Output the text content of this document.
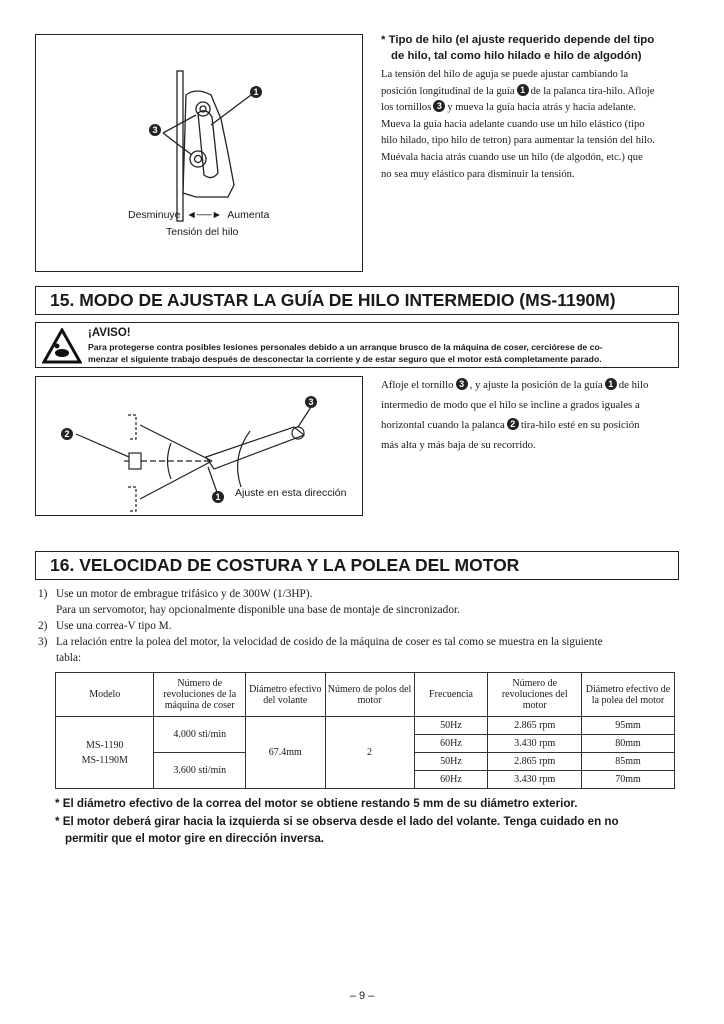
3
1
Desminuye  ◄──►  Aumenta
Tensión del hilo
* Tipo de hilo (el ajuste requerido depende del tipo
de hilo, tal como hilo hilado e hilo de algodón)
La tensión del hilo de aguja se puede ajustar cambiando la
posición longitudinal de la guía 1 de la palanca tira-hilo. Afloje
los tornillos 3 y mueva la guía hacia atrás y hacia adelante.
Mueva la guía hacia adelante cuando use un hilo elástico (tipo
hilo hilado, tipo hilo de tetron) para aumentar la tensión del hilo.
Muévala hacia atrás cuando use un hilo (de algodón, etc.) que
no sea muy elástico para disminuir la tensión.
15. MODO DE AJUSTAR LA GUÍA DE HILO INTERMEDIO (MS-1190M)
¡AVISO!
Para protegerse contra posibles lesiones personales debido a un arranque brusco de la máquina de coser, cerciórese de co-
menzar el siguiente trabajo después de desconectar la corriente y de estar seguro que el motor está completamente parado.
2
3
1	Ajuste en esta dirección
Afloje el tornillo 3 , y ajuste la posición de la guía 1 de hilo
intermedio de modo que el hilo se incline a grados iguales a
horizontal cuando la palanca 2 tira-hilo esté en su posición
más alta y más baja de su recorrido.
16. VELOCIDAD DE COSTURA Y LA POLEA DEL MOTOR
1) Use un motor de embrague trifásico y de 300W (1/3HP).
Para un servomotor, hay opcionalmente disponible una base de montaje de sincronizador.
2) Use una correa-V tipo M.
3) La relación entre la polea del motor, la velocidad de cosido de la máquina de coser es tal como se muestra en la siguiente
tabla:
Modelo	Número de revoluciones de la máquina de coser	Diámetro efectivo del volante	Número de polos del motor	Frecuencia	Número de revoluciones del motor	Diámetro efectivo de la polea del motor

MS-1190
MS-1190M	4.000 sti/min	67.4mm	2	50Hz	2.865 rpm	95mm
				60Hz	3.430 rpm	80mm
	3.600 sti/min			50Hz	2.865 rpm	85mm
				60Hz	3.430 rpm	70mm
* El diámetro efectivo de la correa del motor se obtiene restando 5 mm de su diámetro exterior.
* El motor deberá girar hacia la izquierda si se observa desde el lado del volante. Tenga cuidado en no
permitir que el motor gire en dirección inversa.
– 9 –
